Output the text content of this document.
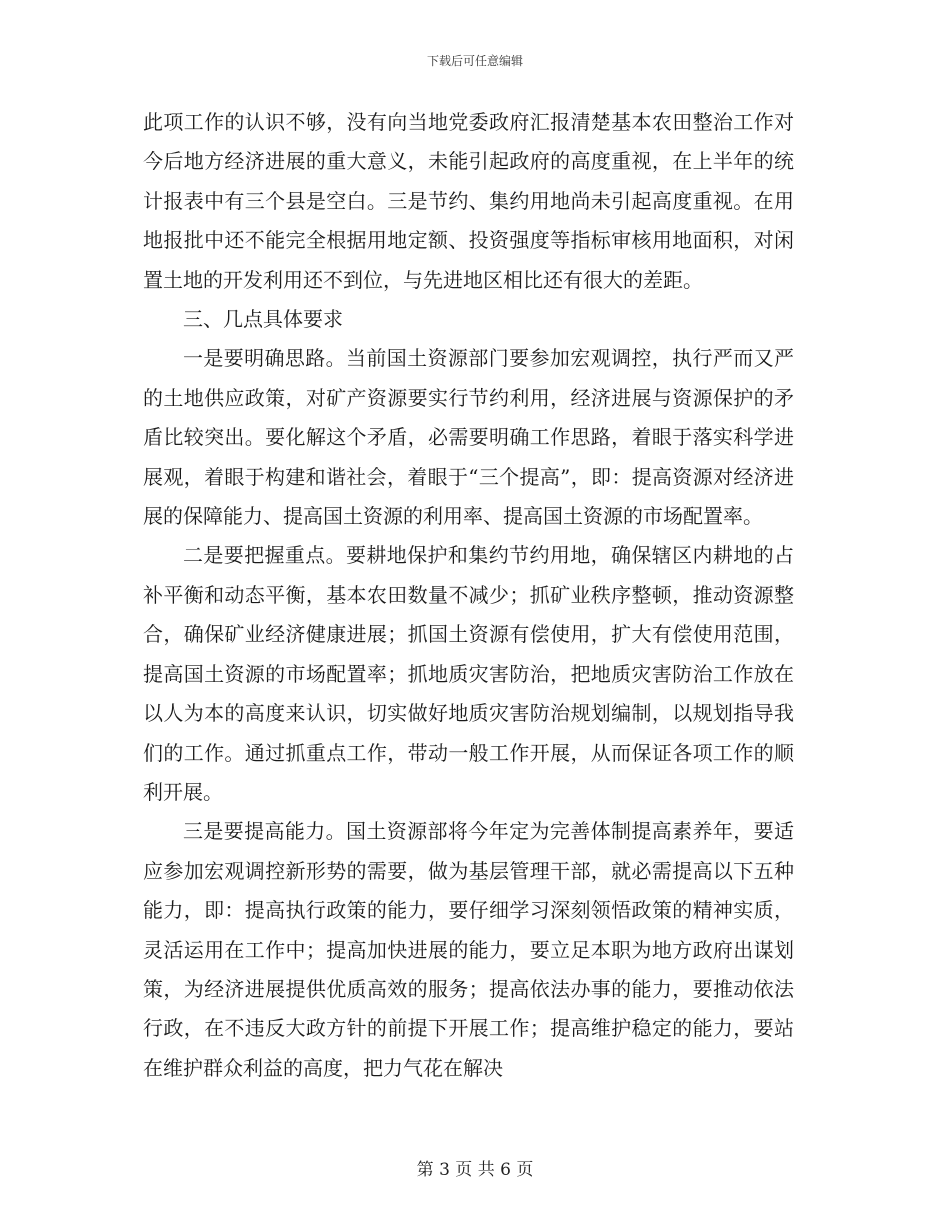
下载后可任意编辑

此项工作的认识不够，没有向当地党委政府汇报清楚基本农田整治工作对今后地方经济进展的重大意义，未能引起政府的高度重视，在上半年的统计报表中有三个县是空白。三是节约、集约用地尚未引起高度重视。在用地报批中还不能完全根据用地定额、投资强度等指标审核用地面积，对闲置土地的开发利用还不到位，与先进地区相比还有很大的差距。

三、几点具体要求

一是要明确思路。当前国土资源部门要参加宏观调控，执行严而又严的土地供应政策，对矿产资源要实行节约利用，经济进展与资源保护的矛盾比较突出。要化解这个矛盾，必需要明确工作思路，着眼于落实科学进展观，着眼于构建和谐社会，着眼于“三个提高”，即：提高资源对经济进展的保障能力、提高国土资源的利用率、提高国土资源的市场配置率。

二是要把握重点。要耕地保护和集约节约用地，确保辖区内耕地的占补平衡和动态平衡，基本农田数量不减少；抓矿业秩序整顿，推动资源整合，确保矿业经济健康进展；抓国土资源有偿使用，扩大有偿使用范围，提高国土资源的市场配置率；抓地质灾害防治，把地质灾害防治工作放在以人为本的高度来认识，切实做好地质灾害防治规划编制，以规划指导我们的工作。通过抓重点工作，带动一般工作开展，从而保证各项工作的顺利开展。

三是要提高能力。国土资源部将今年定为完善体制提高素养年，要适应参加宏观调控新形势的需要，做为基层管理干部，就必需提高以下五种能力，即：提高执行政策的能力，要仔细学习深刻领悟政策的精神实质，灵活运用在工作中；提高加快进展的能力，要立足本职为地方政府出谋划策，为经济进展提供优质高效的服务；提高依法办事的能力，要推动依法行政，在不违反大政方针的前提下开展工作；提高维护稳定的能力，要站在维护群众利益的高度，把力气花在解决

第 3 页 共 6 页
